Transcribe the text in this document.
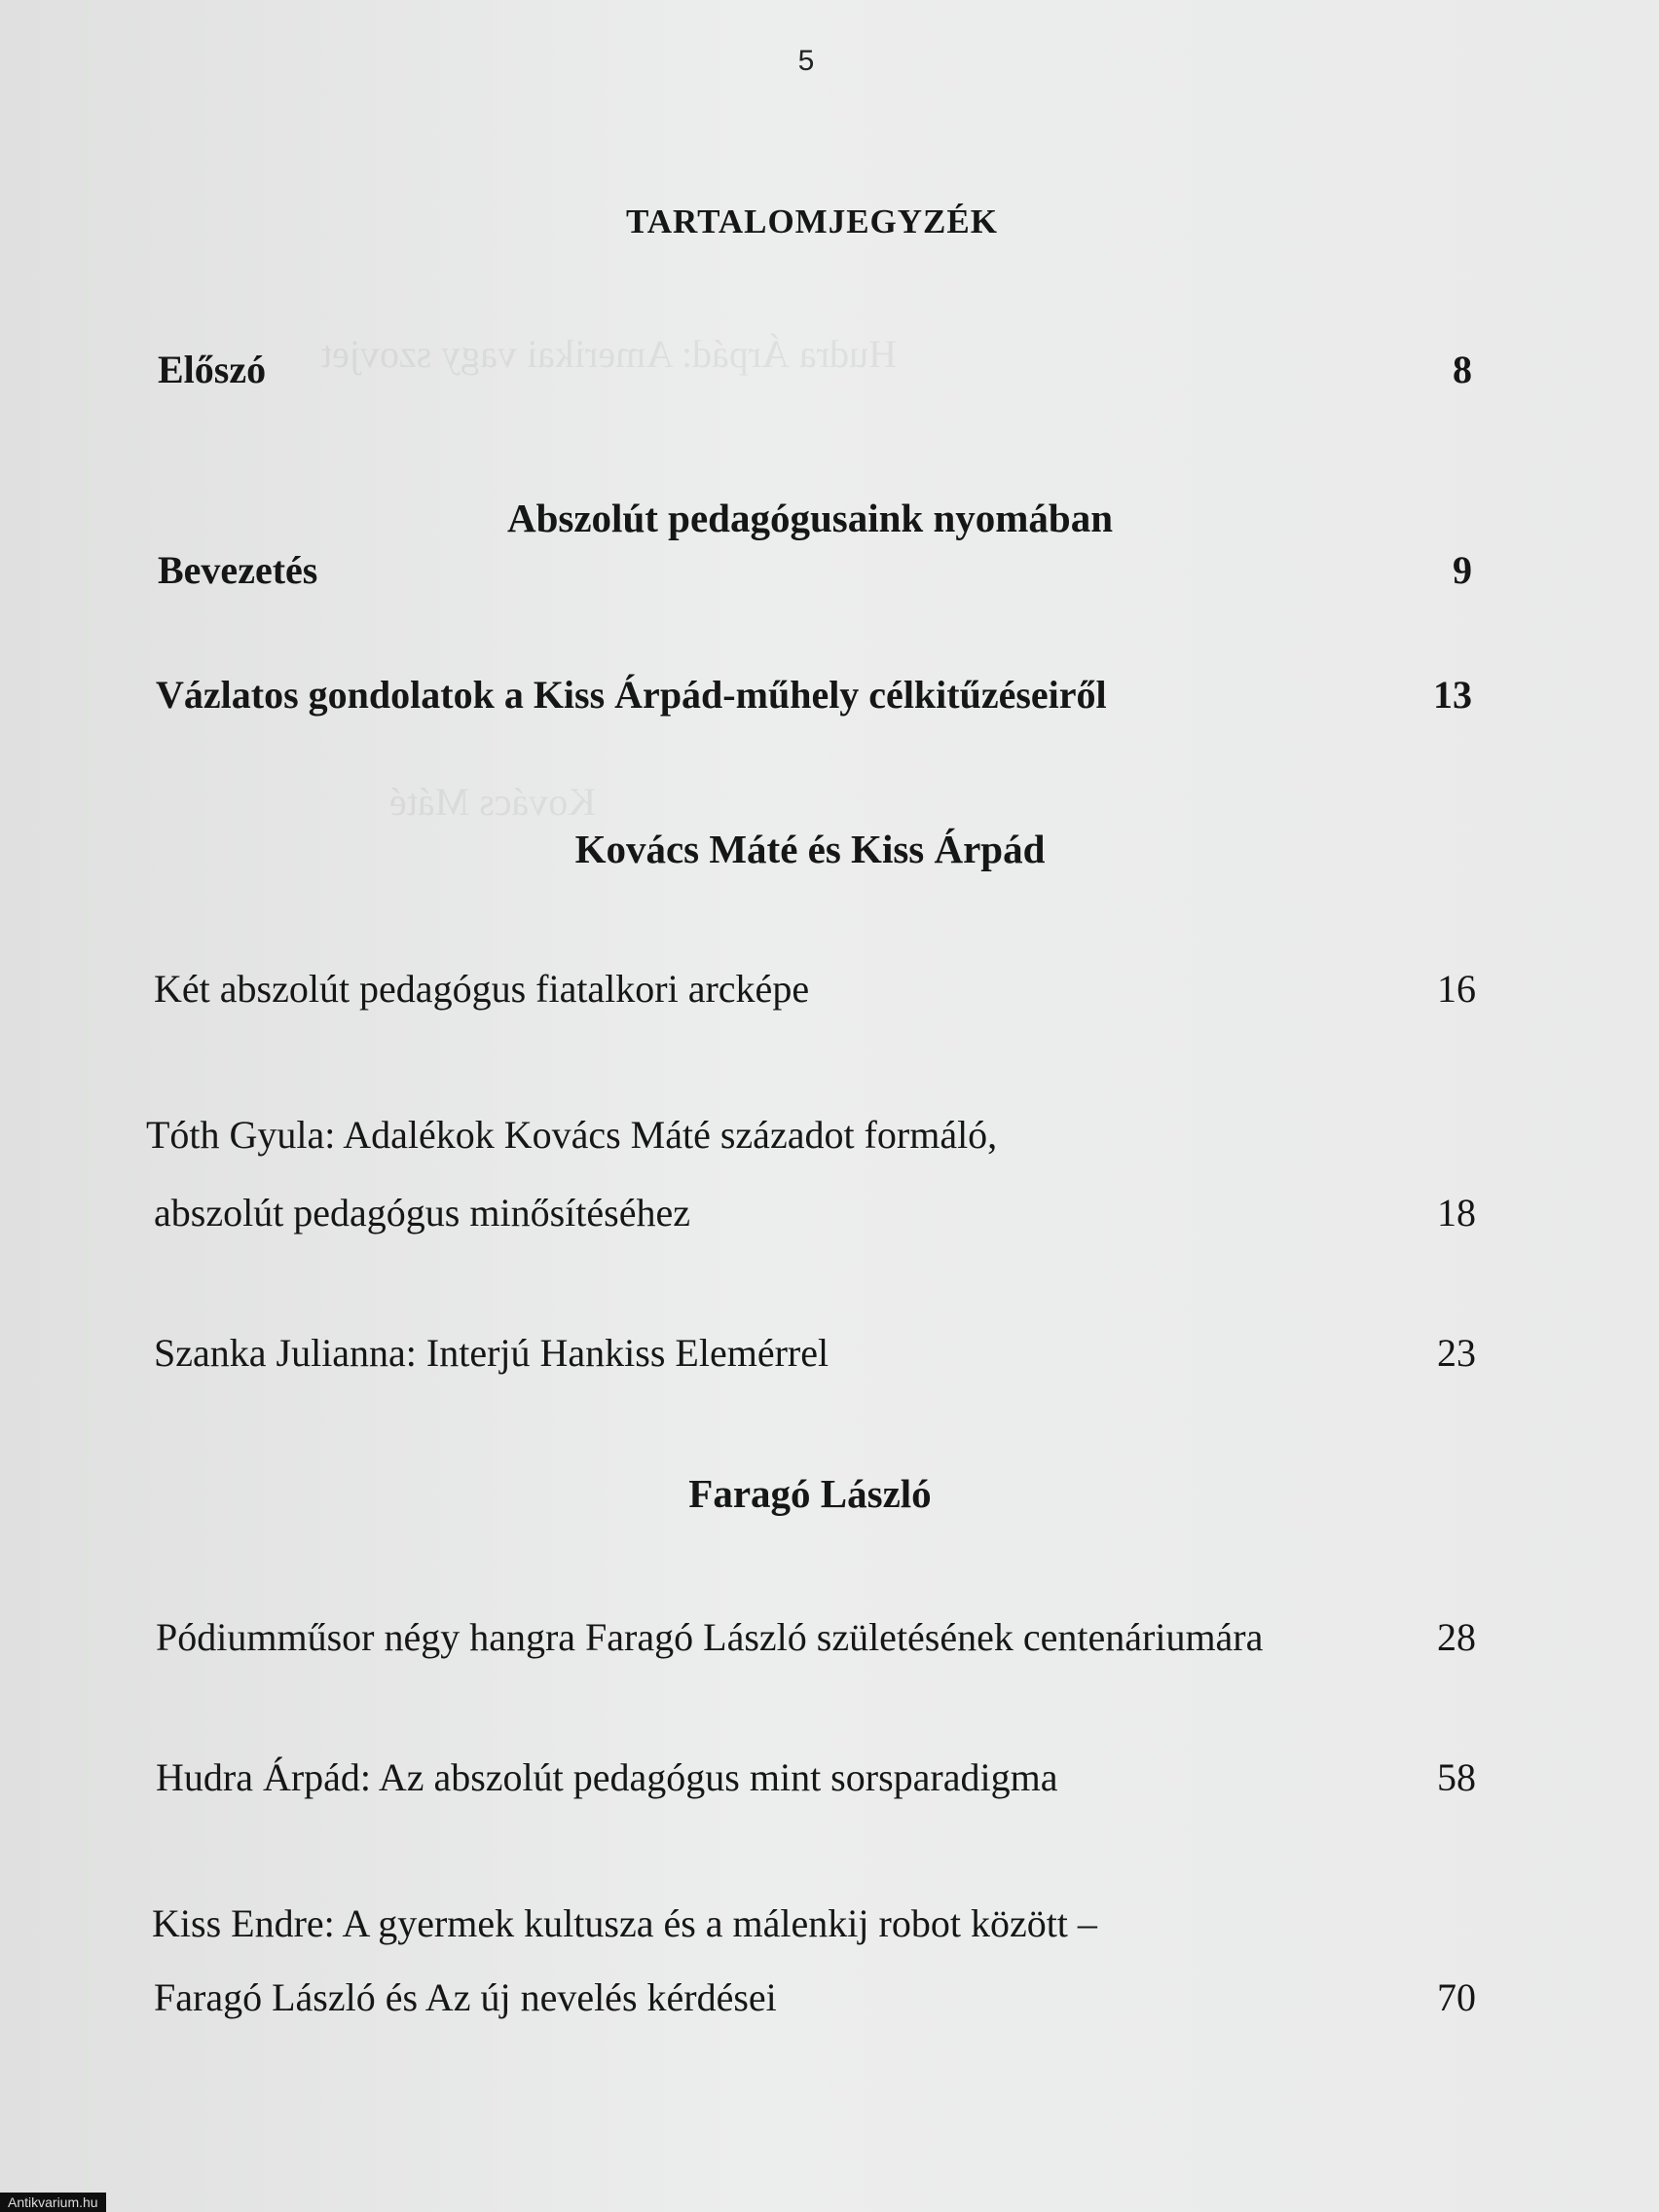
Hudra Árpád: Amerikai vagy szovjet
Kovács Máté
5
TARTALOMJEGYZÉK
Előszó	8
Abszolút pedagógusaink nyomában
Bevezetés	9
Vázlatos gondolatok a Kiss Árpád-műhely célkitűzéseiről	13
Kovács Máté és Kiss Árpád
Két abszolút pedagógus fiatalkori arcképe	16
Tóth Gyula: Adalékok Kovács Máté századot formáló,
abszolút pedagógus minősítéséhez	18
Szanka Julianna: Interjú Hankiss Elemérrel	23
Faragó László
Pódiumműsor négy hangra Faragó László születésének centenáriumára	28
Hudra Árpád: Az abszolút pedagógus mint sorsparadigma	58
Kiss Endre: A gyermek kultusza és a málenkij robot között –
Faragó László és Az új nevelés kérdései	70
Antikvarium.hu
